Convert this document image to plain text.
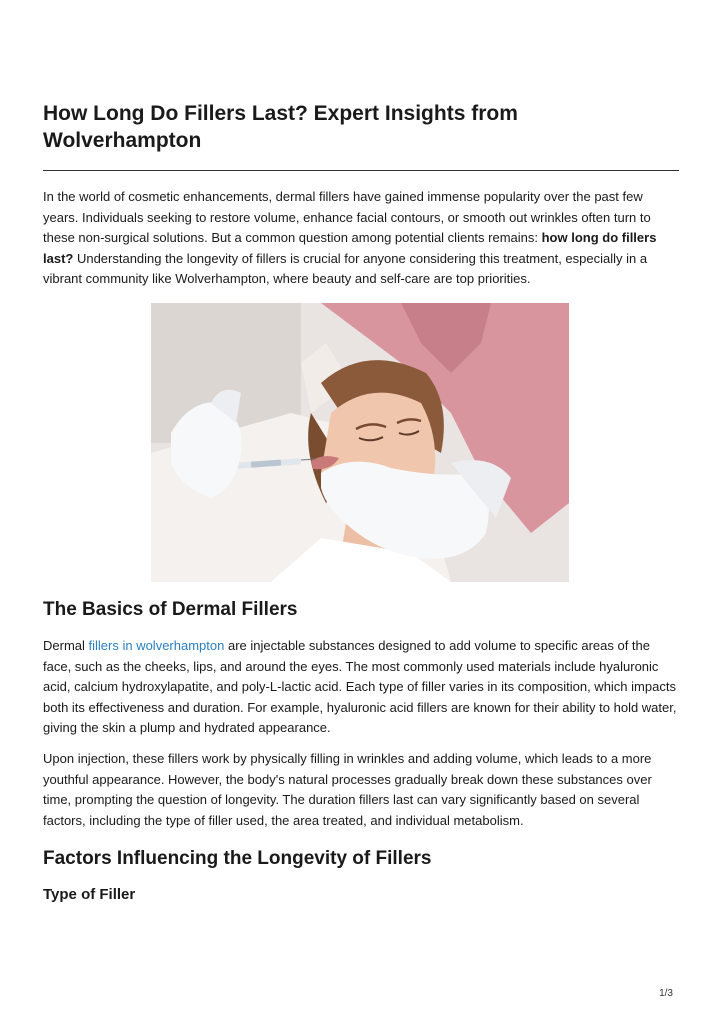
How Long Do Fillers Last? Expert Insights from Wolverhampton

In the world of cosmetic enhancements, dermal fillers have gained immense popularity over the past few years. Individuals seeking to restore volume, enhance facial contours, or smooth out wrinkles often turn to these non-surgical solutions. But a common question among potential clients remains: how long do fillers last? Understanding the longevity of fillers is crucial for anyone considering this treatment, especially in a vibrant community like Wolverhampton, where beauty and self-care are top priorities.

The Basics of Dermal Fillers

Dermal fillers in wolverhampton are injectable substances designed to add volume to specific areas of the face, such as the cheeks, lips, and around the eyes. The most commonly used materials include hyaluronic acid, calcium hydroxylapatite, and poly-L-lactic acid. Each type of filler varies in its composition, which impacts both its effectiveness and duration. For example, hyaluronic acid fillers are known for their ability to hold water, giving the skin a plump and hydrated appearance.

Upon injection, these fillers work by physically filling in wrinkles and adding volume, which leads to a more youthful appearance. However, the body's natural processes gradually break down these substances over time, prompting the question of longevity. The duration fillers last can vary significantly based on several factors, including the type of filler used, the area treated, and individual metabolism.

Factors Influencing the Longevity of Fillers
Type of Filler
1/3
